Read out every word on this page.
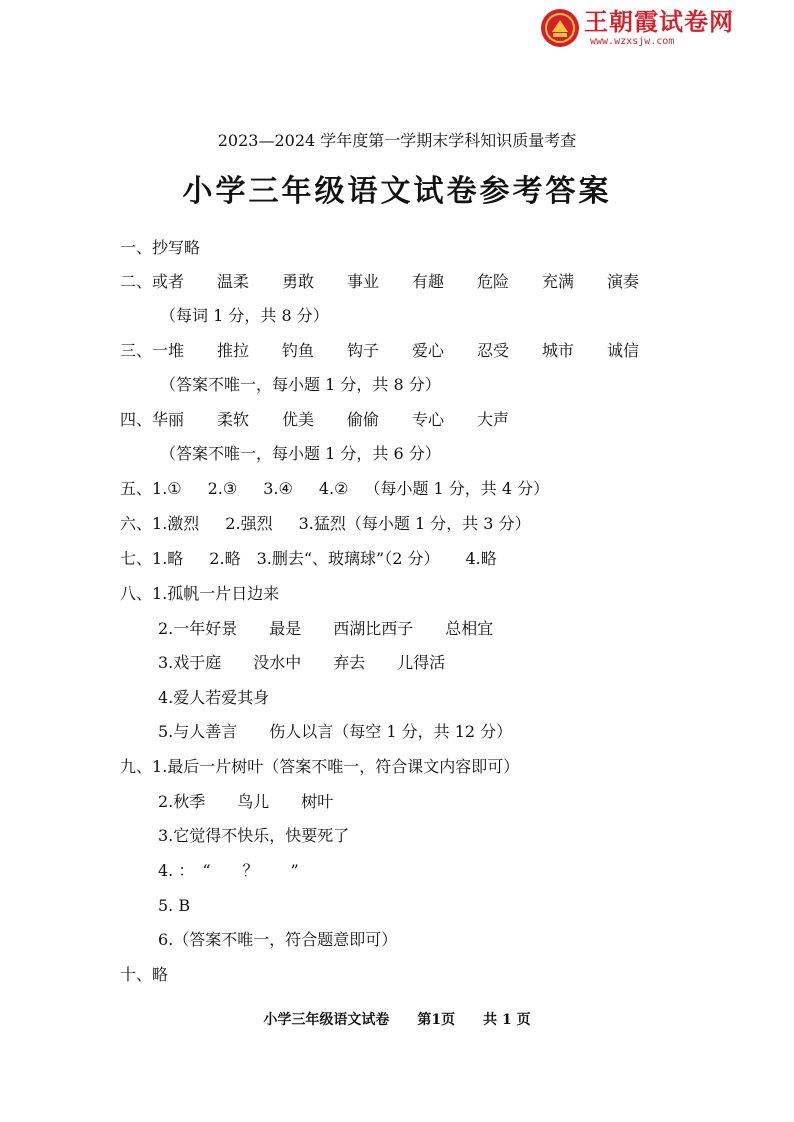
王朝霞试卷网
www.wzxsjw.com
2023—2024 学年度第一学期末学科知识质量考查
小学三年级语文试卷参考答案
一、抄写略
二、 或者	温柔	勇敢	事业	有趣	危险	充满	演奏
（每词 1 分，共 8 分）
三、 一堆	推拉	钓鱼	钩子	爱心	忍受	城市	诚信
（答案不唯一，每小题 1 分，共 8 分）
四、 华丽	柔软	优美	偷偷	专心	大声
（答案不唯一，每小题 1 分，共 6 分）
五、1.① 2.③ 3.④ 4.② （每小题 1 分，共 4 分）
六、1.激烈 2.强烈 3.猛烈（每小题 1 分，共 3 分）
七、1.略 2.略 3.删去“、玻璃球”（2 分） 4.略
八、1.孤帆一片日边来
2.一年好景　　最是　　西湖比西子　　总相宜
3.戏于庭　　没水中　　弃去　　儿得活
4.爱人若爱其身
5.与人善言　　伤人以言（每空 1 分，共 12 分）
九、1.最后一片树叶（答案不唯一，符合课文内容即可）
2.秋季　　鸟儿　　树叶
3.它觉得不快乐，快要死了
4. ：　“　　？　　”
5. B
6.（答案不唯一，符合题意即可）
十、略
小学三年级语文试卷 第1页 共 1 页
